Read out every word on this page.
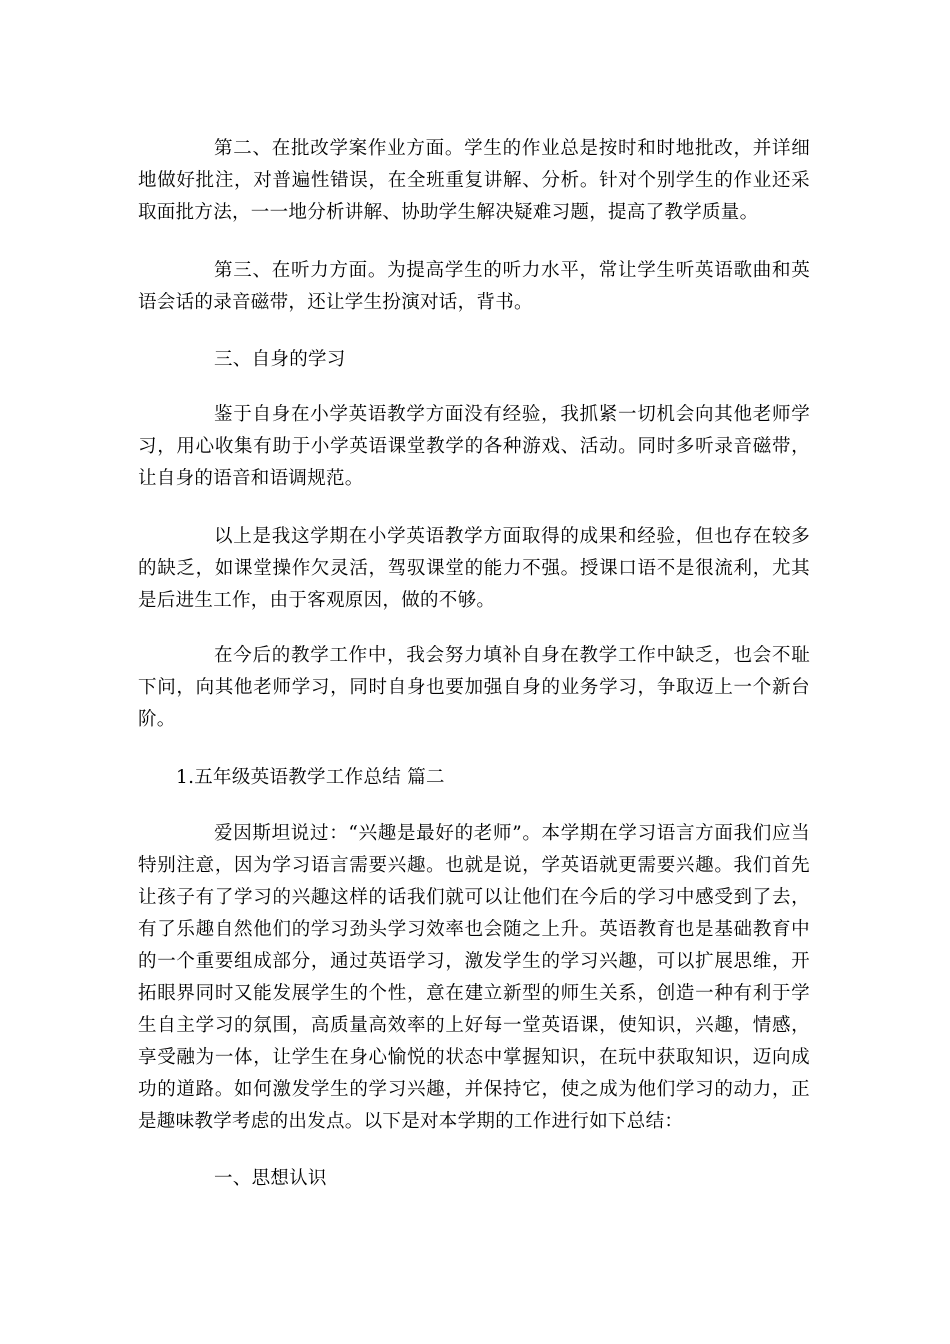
第二、在批改学案作业方面。学生的作业总是按时和时地批改，并详细地做好批注，对普遍性错误，在全班重复讲解、分析。针对个别学生的作业还采取面批方法，一一地分析讲解、协助学生解决疑难习题，提高了教学质量。

第三、在听力方面。为提高学生的听力水平，常让学生听英语歌曲和英语会话的录音磁带，还让学生扮演对话，背书。

三、自身的学习

鉴于自身在小学英语教学方面没有经验，我抓紧一切机会向其他老师学习，用心收集有助于小学英语课堂教学的各种游戏、活动。同时多听录音磁带，让自身的语音和语调规范。

以上是我这学期在小学英语教学方面取得的成果和经验，但也存在较多的缺乏，如课堂操作欠灵活，驾驭课堂的能力不强。授课口语不是很流利，尤其是后进生工作，由于客观原因，做的不够。

在今后的教学工作中，我会努力填补自身在教学工作中缺乏，也会不耻下问，向其他老师学习，同时自身也要加强自身的业务学习，争取迈上一个新台阶。

1.五年级英语教学工作总结 篇二

爱因斯坦说过：“兴趣是最好的老师”。本学期在学习语言方面我们应当特别注意，因为学习语言需要兴趣。也就是说，学英语就更需要兴趣。我们首先让孩子有了学习的兴趣这样的话我们就可以让他们在今后的学习中感受到了去，有了乐趣自然他们的学习劲头学习效率也会随之上升。英语教育也是基础教育中的一个重要组成部分，通过英语学习，激发学生的学习兴趣，可以扩展思维，开拓眼界同时又能发展学生的个性，意在建立新型的师生关系，创造一种有利于学生自主学习的氛围，高质量高效率的上好每一堂英语课，使知识，兴趣，情感，享受融为一体，让学生在身心愉悦的状态中掌握知识，在玩中获取知识，迈向成功的道路。如何激发学生的学习兴趣，并保持它，使之成为他们学习的动力，正是趣味教学考虑的出发点。以下是对本学期的工作进行如下总结：

一、思想认识
